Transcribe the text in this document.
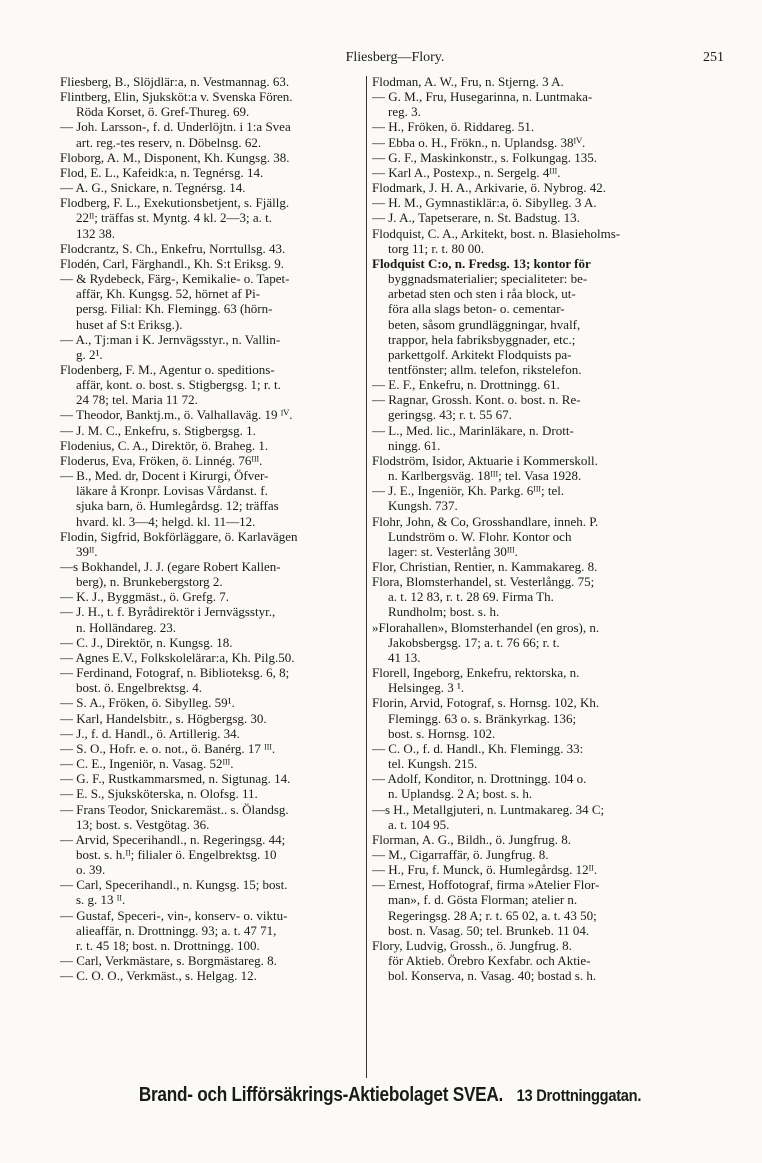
Fliesberg—Flory.	251
Fliesberg, B., Slöjdlär:a, n. Vestmannag. 63.
Flintberg, Elin, Sjuksköt:a v. Svenska Fören.
Röda Korset, ö. Gref-Thureg. 69.
— Joh. Larsson-, f. d. Underlöjtn. i 1:a Svea
art. reg.-tes reserv, n. Döbelnsg. 62.
Flоborg, A. M., Disponent, Kh. Kungsg. 38.
Flod, E. L., Kafeidk:a, n. Tegnérsg. 14.
— A. G., Snickare, n. Tegnérsg. 14.
Flodberg, F. L., Exekutionsbetjent, s. Fjällg.
22ᴵᴵ; träffas st. Myntg. 4 kl. 2—3; a. t.
132 38.
Flodcrantz, S. Ch., Enkefru, Norrtullsg. 43.
Flodén, Carl, Färghandl., Kh. S:t Eriksg. 9.
— & Rydebeck, Färg-, Kemikalie- o. Tapet-
affär, Kh. Kungsg. 52, hörnet af Pi-
persg. Filial: Kh. Flemingg. 63 (hörn-
huset af S:t Eriksg.).
— A., Tj:man i K. Jernvägsstyr., n. Vallin-
g. 2¹.
Flodenberg, F. M., Agentur o. speditions-
affär, kont. o. bost. s. Stigbergsg. 1; r. t.
24 78; tel. Maria 11 72.
— Theodor, Banktj.m., ö. Valhallaväg. 19 ᴵⱽ.
— J. M. C., Enkefru, s. Stigbergsg. 1.
Flodenius, C. A., Direktör, ö. Braheg. 1.
Floderus, Eva, Fröken, ö. Linnég. 76ᴵᴵᴵ.
— B., Med. dr, Docent i Kirurgi, Öfver-
läkare å Kronpr. Lovisas Vårdanst. f.
sjuka barn, ö. Humlegårdsg. 12; träffas
hvard. kl. 3—4; helgd. kl. 11—12.
Flodin, Sigfrid, Bokförläggare, ö. Karlavägen
39ᴵᴵ.
—s Bokhandel, J. J. (egare Robert Kallen-
berg), n. Brunkebergstorg 2.
— K. J., Byggmäst., ö. Grefg. 7.
— J. H., t. f. Byrådirektör i Jernvägsstyr.,
n. Holländareg. 23.
— C. J., Direktör, n. Kungsg. 18.
— Agnes E.V., Folkskolelärar:a, Kh. Pilg.50.
— Ferdinand, Fotograf, n. Biblioteksg. 6, 8;
bost. ö. Engelbrektsg. 4.
— S. A., Fröken, ö. Sibylleg. 59¹.
— Karl, Handelsbitr., s. Högbergsg. 30.
— J., f. d. Handl., ö. Artillerig. 34.
— S. O., Hofr. e. o. not., ö. Banérg. 17 ᴵᴵᴵ.
— C. E., Ingeniör, n. Vasag. 52ᴵᴵᴵ.
— G. F., Rustkammarsmed, n. Sigtunag. 14.
— E. S., Sjuksköterska, n. Olofsg. 11.
— Frans Teodor, Snickaremäst.. s. Ölandsg.
13; bost. s. Vestgötag. 36.
— Arvid, Specerihandl., n. Regeringsg. 44;
bost. s. h.ᴵᴵ; filialer ö. Engelbrektsg. 10
o. 39.
— Carl, Specerihandl., n. Kungsg. 15; bost.
s. g. 13 ᴵᴵ.
— Gustaf, Speceri-, vin-, konserv- o. viktu-
alieaffär, n. Drottningg. 93; a. t. 47 71,
r. t. 45 18; bost. n. Drottningg. 100.
— Carl, Verkmästare, s. Borgmästareg. 8.
— C. O. O., Verkmäst., s. Helgag. 12.
Flodman, A. W., Fru, n. Stjerng. 3 A.
— G. M., Fru, Husegarinna, n. Luntmaka-
reg. 3.
— H., Fröken, ö. Riddareg. 51.
— Ebba o. H., Frökn., n. Uplandsg. 38ᴵⱽ.
— G. F., Maskinkonstr., s. Folkungag. 135.
— Karl A., Postexp., n. Sergelg. 4ᴵᴵᴵ.
Flodmark, J. H. A., Arkivarie, ö. Nybrog. 42.
— H. M., Gymnastiklär:a, ö. Sibylleg. 3 A.
— J. A., Tapetserare, n. St. Badstug. 13.
Flodquist, C. A., Arkitekt, bost. n. Blasieholms-
torg 11; r. t. 80 00.
Flodquist C:o, n. Fredsg. 13; kontor för
byggnadsmaterialier; specialiteter: be-
arbetad sten och sten i råa block, ut-
föra alla slags beton- o. cementar-
beten, såsom grundläggningar, hvalf,
trappor, hela fabriksbyggnader, etc.;
parkettgolf. Arkitekt Flodquists pa-
tentfönster; allm. telefon, rikstelefon.
— E. F., Enkefru, n. Drottningg. 61.
— Ragnar, Grossh. Kont. o. bost. n. Re-
geringsg. 43; r. t. 55 67.
— L., Med. lic., Marinläkare, n. Drott-
ningg. 61.
Flodström, Isidor, Aktuarie i Kommerskoll.
n. Karlbergsväg. 18ᴵᴵᴵ; tel. Vasa 1928.
— J. E., Ingeniör, Kh. Parkg. 6ᴵᴵᴵ; tel.
Kungsh. 737.
Flohr, John, & Co, Grosshandlare, inneh. P.
Lundström o. W. Flohr. Kontor och
lager: st. Vesterlång 30ᴵᴵᴵ.
Flor, Christian, Rentier, n. Kammakareg. 8.
Flora, Blomsterhandel, st. Vesterlångg. 75;
a. t. 12 83, r. t. 28 69. Firma Th.
Rundholm; bost. s. h.
»Florahallen», Blomsterhandel (en gros), n.
Jakobsbergsg. 17; a. t. 76 66; r. t.
41 13.
Florell, Ingeborg, Enkefru, rektorska, n.
Helsingeg. 3 ¹.
Florin, Arvid, Fotograf, s. Hornsg. 102, Kh.
Flemingg. 63 o. s. Bränkyrkag. 136;
bost. s. Hornsg. 102.
— C. O., f. d. Handl., Kh. Flemingg. 33:
tel. Kungsh. 215.
— Adolf, Konditor, n. Drottningg. 104 o.
n. Uplandsg. 2 A; bost. s. h.
—s H., Metallgjuteri, n. Luntmakareg. 34 C;
a. t. 104 95.
Florman, A. G., Bildh., ö. Jungfrug. 8.
— M., Cigarraffär, ö. Jungfrug. 8.
— H., Fru, f. Munck, ö. Humlegårdsg. 12ᴵᴵ.
— Ernest, Hoffotograf, firma »Atelier Flor-
man», f. d. Gösta Florman; atelier n.
Regeringsg. 28 A; r. t. 65 02, a. t. 43 50;
bost. n. Vasag. 50; tel. Brunkeb. 11 04.
Flory, Ludvig, Grossh., ö. Jungfrug. 8.
för Aktieb. Örebro Kexfabr. och Aktie-
bol. Konserva, n. Vasag. 40; bostad s. h.
Brand- och Lifförsäkrings-Aktiebolaget SVEA. 13 Drottninggatan.
